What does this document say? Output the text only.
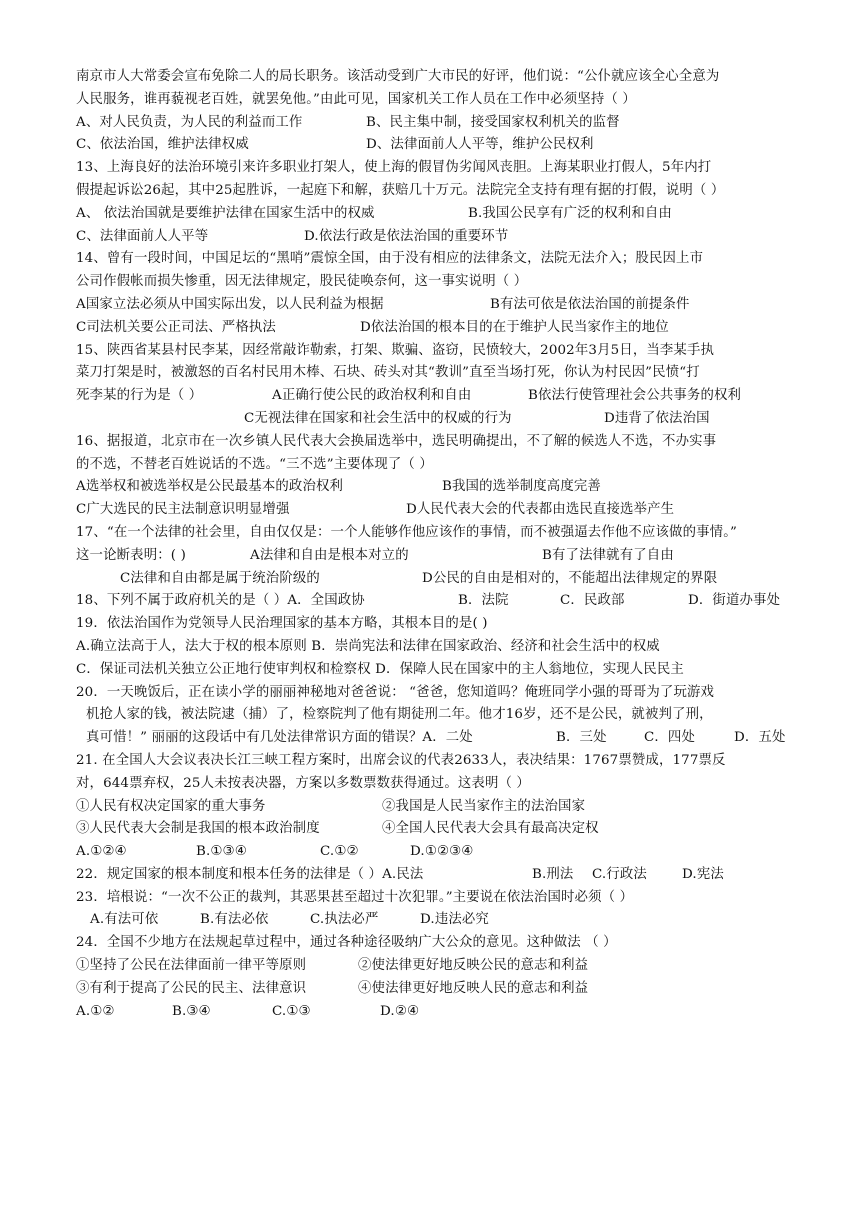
南京市人大常委会宣布免除二人的局长职务。该活动受到广大市民的好评，他们说：“公仆就应该全心全意为
人民服务，谁再藐视老百姓，就罢免他。”由此可见，国家机关工作人员在工作中必须坚持（ ）
A、对人民负责，为人民的利益而工作	B、民主集中制，接受国家权利机关的监督
C、依法治国，维护法律权威	D、法律面前人人平等，维护公民权利
13、上海良好的法治环境引来许多职业打架人，使上海的假冒伪劣闻风丧胆。上海某职业打假人，5年内打
假提起诉讼26起，其中25起胜诉，一起庭下和解，获赔几十万元。法院完全支持有理有据的打假，说明（ ）
A、 依法治国就是要维护法律在国家生活中的权威	B.我国公民享有广泛的权利和自由
C、法律面前人人平等	D.依法行政是依法治国的重要环节
14、曾有一段时间，中国足坛的“黑哨”震惊全国，由于没有相应的法律条文，法院无法介入；股民因上市
公司作假帐而损失惨重，因无法律规定，股民徒唤奈何，这一事实说明（ ）
A国家立法必须从中国实际出发，以人民利益为根据	B有法可依是依法治国的前提条件
C司法机关要公正司法、严格执法	D依法治国的根本目的在于维护人民当家作主的地位
15、陕西省某县村民李某，因经常敲诈勒索，打架、欺骗、盗窃，民愤较大，2002年3月5日，当李某手执
菜刀打架是时，被激怒的百名村民用木棒、石块、砖头对其“教训”直至当场打死，你认为村民因”民愤“打
死李某的行为是（ ）	A正确行使公民的政治权利和自由	B依法行使管理社会公共事务的权利
C无视法律在国家和社会生活中的权威的行为	D违背了依法治国
16、据报道，北京市在一次乡镇人民代表大会换届选举中，选民明确提出，不了解的候选人不选，不办实事
的不选，不替老百姓说话的不选。“三不选”主要体现了（ ）
A选举权和被选举权是公民最基本的政治权利	B我国的选举制度高度完善
C广大选民的民主法制意识明显增强	D人民代表大会的代表都由选民直接选举产生
17、“在一个法律的社会里，自由仅仅是：一个人能够作他应该作的事情，而不被强逼去作他不应该做的事情。”
这一论断表明：( )	A法律和自由是根本对立的	B有了法律就有了自由
C法律和自由都是属于统治阶级的	D公民的自由是相对的，不能超出法律规定的界限
18、下列不属于政府机关的是（ ）A．全国政协	B．法院	C．民政部	D．街道办事处
19．依法治国作为党领导人民治理国家的基本方略，其根本目的是( )
A.确立法高于人，法大于权的根本原则 B．崇尚宪法和法律在国家政治、经济和社会生活中的权威
C．保证司法机关独立公正地行使审判权和检察权 D．保障人民在国家中的主人翁地位，实现人民民主
20．一天晚饭后，正在读小学的丽丽神秘地对爸爸说： “爸爸，您知道吗？俺班同学小强的哥哥为了玩游戏
机抢人家的钱，被法院逮（捕）了，检察院判了他有期徒刑二年。他才16岁，还不是公民，就被判了刑，
真可惜！” 丽丽的这段话中有几处法律常识方面的错误？A．二处	B．三处	C．四处	D．五处
21. 在全国人大会议表决长江三峡工程方案时，出席会议的代表2633人，表决结果：1767票赞成，177票反
对，644票弃权，25人未按表决器，方案以多数票数获得通过。这表明（ ）
①人民有权决定国家的重大事务	②我国是人民当家作主的法治国家
③人民代表大会制是我国的根本政治制度	④全国人民代表大会具有最高决定权
A.①②④	B.①③④	C.①②	D.①②③④
22．规定国家的根本制度和根本任务的法律是（ ）A.民法	B.刑法 C.行政法	D.宪法
23．培根说：“一次不公正的裁判，其恶果甚至超过十次犯罪。”主要说在依法治国时必须（ ）
A.有法可依	B.有法必依	C.执法必严	D.违法必究
24．全国不少地方在法规起草过程中，通过各种途径吸纳广大公众的意见。这种做法 （ ）
①坚持了公民在法律面前一律平等原则	②使法律更好地反映公民的意志和利益
③有利于提高了公民的民主、法律意识	④使法律更好地反映人民的意志和利益
A.①②	B.③④	C.①③	D.②④
